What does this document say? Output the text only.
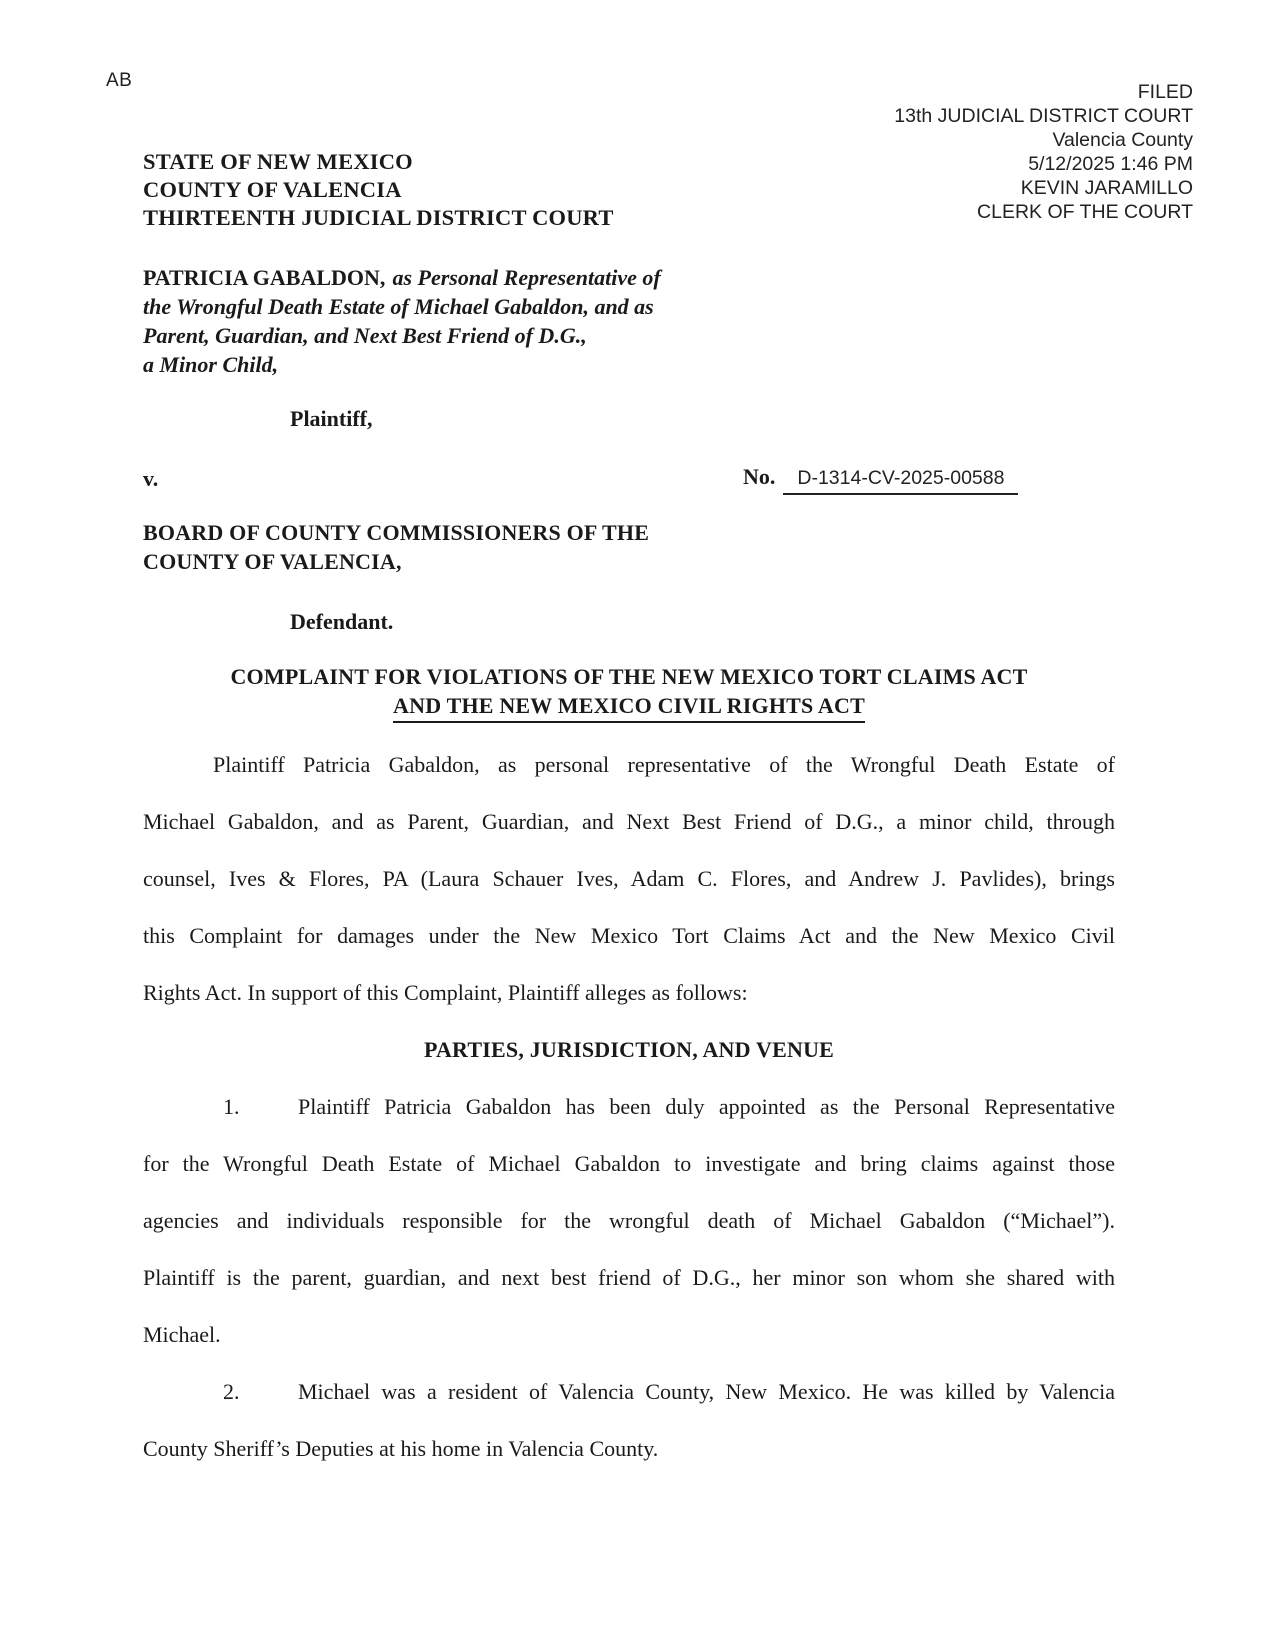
AB
FILED
13th JUDICIAL DISTRICT COURT
Valencia County
5/12/2025 1:46 PM
KEVIN JARAMILLO
CLERK OF THE COURT
STATE OF NEW MEXICO
COUNTY OF VALENCIA
THIRTEENTH JUDICIAL DISTRICT COURT
PATRICIA GABALDON, as Personal Representative of
the Wrongful Death Estate of Michael Gabaldon, and as
Parent, Guardian, and Next Best Friend of D.G.,
a Minor Child,
Plaintiff,
v.	No. D-1314-CV-2025-00588
BOARD OF COUNTY COMMISSIONERS OF THE
COUNTY OF VALENCIA,
Defendant.
COMPLAINT FOR VIOLATIONS OF THE NEW MEXICO TORT CLAIMS ACT
AND THE NEW MEXICO CIVIL RIGHTS ACT
Plaintiff Patricia Gabaldon, as personal representative of the Wrongful Death Estate of
Michael Gabaldon, and as Parent, Guardian, and Next Best Friend of D.G., a minor child, through
counsel, Ives & Flores, PA (Laura Schauer Ives, Adam C. Flores, and Andrew J. Pavlides), brings
this Complaint for damages under the New Mexico Tort Claims Act and the New Mexico Civil
Rights Act. In support of this Complaint, Plaintiff alleges as follows:
PARTIES, JURISDICTION, AND VENUE
1.	Plaintiff Patricia Gabaldon has been duly appointed as the Personal Representative
for the Wrongful Death Estate of Michael Gabaldon to investigate and bring claims against those
agencies and individuals responsible for the wrongful death of Michael Gabaldon (“Michael”).
Plaintiff is the parent, guardian, and next best friend of D.G., her minor son whom she shared with
Michael.
2.	Michael was a resident of Valencia County, New Mexico. He was killed by Valencia
County Sheriff’s Deputies at his home in Valencia County.
